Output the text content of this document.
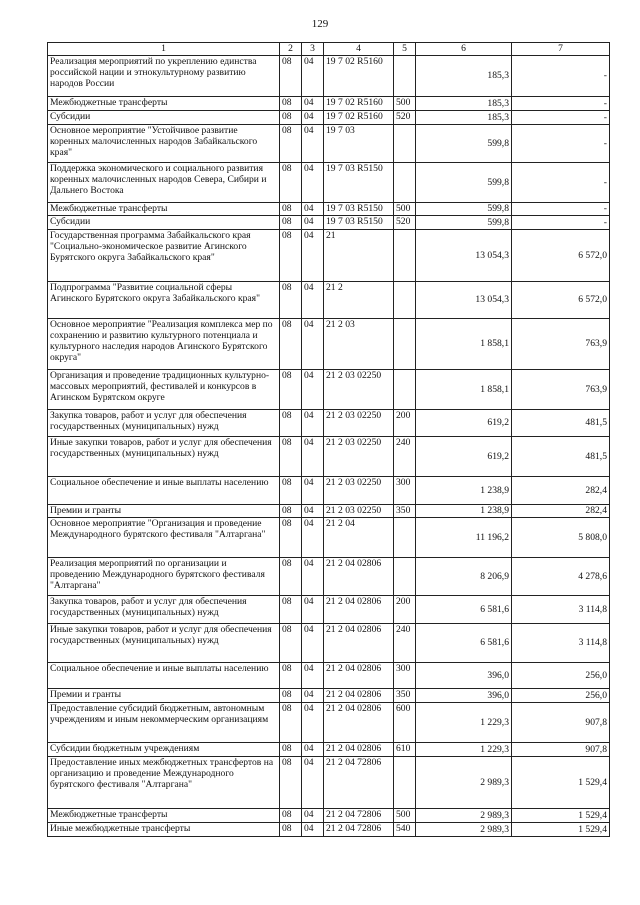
129
1	2	3	4	5	6	7
Реализация мероприятий по укреплению единства российской нации и этнокультурному развитию народов России	08	04	19 7 02 R5160		185,3	-
Межбюджетные трансферты	08	04	19 7 02 R5160	500	185,3	-
Субсидии	08	04	19 7 02 R5160	520	185,3	-
Основное мероприятие "Устойчивое развитие коренных малочисленных народов Забайкальского края"	08	04	19 7 03		599,8	-
Поддержка экономического и социального развития коренных малочисленных народов Севера, Сибири и Дальнего Востока	08	04	19 7 03 R5150		599,8	-
Межбюджетные трансферты	08	04	19 7 03 R5150	500	599,8	-
Субсидии	08	04	19 7 03 R5150	520	599,8	-
Государственная программа Забайкальского края "Социально-экономическое развитие Агинского Бурятского округа Забайкальского края"	08	04	21		13 054,3	6 572,0
Подпрограмма "Развитие социальной сферы Агинского Бурятского округа Забайкальского края"	08	04	21 2		13 054,3	6 572,0
Основное мероприятие "Реализация комплекса мер по сохранению и развитию культурного потенциала и культурного наследия народов Агинского Бурятского округа"	08	04	21 2 03		1 858,1	763,9
Организация и проведение традиционных культурно-массовых мероприятий, фестивалей и конкурсов в Агинском Бурятском округе	08	04	21 2 03 02250		1 858,1	763,9
Закупка товаров, работ и услуг для обеспечения государственных (муниципальных) нужд	08	04	21 2 03 02250	200	619,2	481,5
Иные закупки товаров, работ и услуг для обеспечения государственных (муниципальных) нужд	08	04	21 2 03 02250	240	619,2	481,5
Социальное обеспечение и иные выплаты населению	08	04	21 2 03 02250	300	1 238,9	282,4
Премии и гранты	08	04	21 2 03 02250	350	1 238,9	282,4
Основное мероприятие "Организация и проведение Международного бурятского фестиваля "Алтаргана"	08	04	21 2 04		11 196,2	5 808,0
Реализация мероприятий по организации и проведению Международного бурятского фестиваля "Алтаргана"	08	04	21 2 04 02806		8 206,9	4 278,6
Закупка товаров, работ и услуг для обеспечения государственных (муниципальных) нужд	08	04	21 2 04 02806	200	6 581,6	3 114,8
Иные закупки товаров, работ и услуг для обеспечения государственных (муниципальных) нужд	08	04	21 2 04 02806	240	6 581,6	3 114,8
Социальное обеспечение и иные выплаты населению	08	04	21 2 04 02806	300	396,0	256,0
Премии и гранты	08	04	21 2 04 02806	350	396,0	256,0
Предоставление субсидий бюджетным, автономным учреждениям и иным некоммерческим организациям	08	04	21 2 04 02806	600	1 229,3	907,8
Субсидии бюджетным учреждениям	08	04	21 2 04 02806	610	1 229,3	907,8
Предоставление иных межбюджетных трансфертов на организацию и проведение Международного бурятского фестиваля "Алтаргана"	08	04	21 2 04 72806		2 989,3	1 529,4
Межбюджетные трансферты	08	04	21 2 04 72806	500	2 989,3	1 529,4
Иные межбюджетные трансферты	08	04	21 2 04 72806	540	2 989,3	1 529,4
